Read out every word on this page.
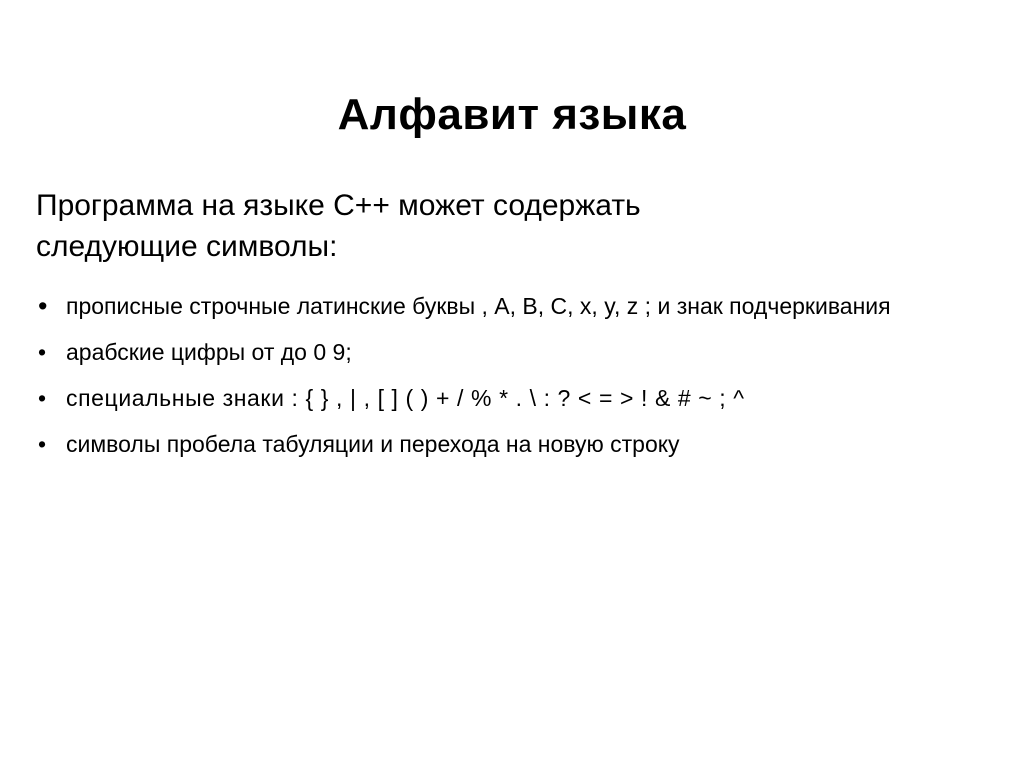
Алфавит языка

Программа на языке C++ может содержать следующие символы:

• прописные строчные латинские буквы , A, B, C, x, y, z ; и знак подчеркивания
• арабские цифры от до 0 9;
• специальные знаки : { } , | , [ ] ( ) + / % * . \ : ? < = > ! & # ~ ; ^
• символы пробела табуляции и перехода на новую строку
